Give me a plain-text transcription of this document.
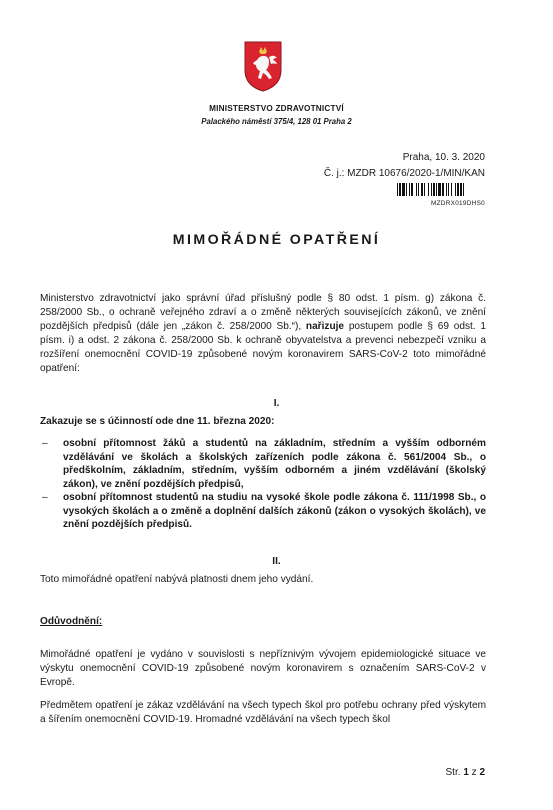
MINISTERSTVO ZDRAVOTNICTVÍ
Palackého náměstí 375/4, 128 01 Praha 2
Praha, 10. 3. 2020
Č. j.: MZDR 10676/2020-1/MIN/KAN
MZDRX019DHS0
MIMOŘÁDNÉ OPATŘENÍ
Ministerstvo zdravotnictví jako správní úřad příslušný podle § 80 odst. 1 písm. g) zákona č. 258/2000 Sb., o ochraně veřejného zdraví a o změně některých souvisejících zákonů, ve znění pozdějších předpisů (dále jen „zákon č. 258/2000 Sb.“), nařizuje postupem podle § 69 odst. 1 písm. i) a odst. 2 zákona č. 258/2000 Sb. k ochraně obyvatelstva a prevenci nebezpečí vzniku a rozšíření onemocnění COVID-19 způsobené novým koronavirem SARS-CoV-2 toto mimořádné opatření:
I.
Zakazuje se s účinností ode dne 11. března 2020:
– osobní přítomnost žáků a studentů na základním, středním a vyšším odborném vzdělávání ve školách a školských zařízeních podle zákona č. 561/2004 Sb., o předškolním, základním, středním, vyšším odborném a jiném vzdělávání (školský zákon), ve znění pozdějších předpisů,
– osobní přítomnost studentů na studiu na vysoké škole podle zákona č. 111/1998 Sb., o vysokých školách a o změně a doplnění dalších zákonů (zákon o vysokých školách), ve znění pozdějších předpisů.
II.
Toto mimořádné opatření nabývá platnosti dnem jeho vydání.
Odůvodnění:
Mimořádné opatření je vydáno v souvislosti s nepříznivým vývojem epidemiologické situace ve výskytu onemocnění COVID-19 způsobené novým koronavirem s označením SARS-CoV-2 v Evropě.
Předmětem opatření je zákaz vzdělávání na všech typech škol pro potřebu ochrany před výskytem a šířením onemocnění COVID-19. Hromadné vzdělávání na všech typech škol
Str. 1 z 2
